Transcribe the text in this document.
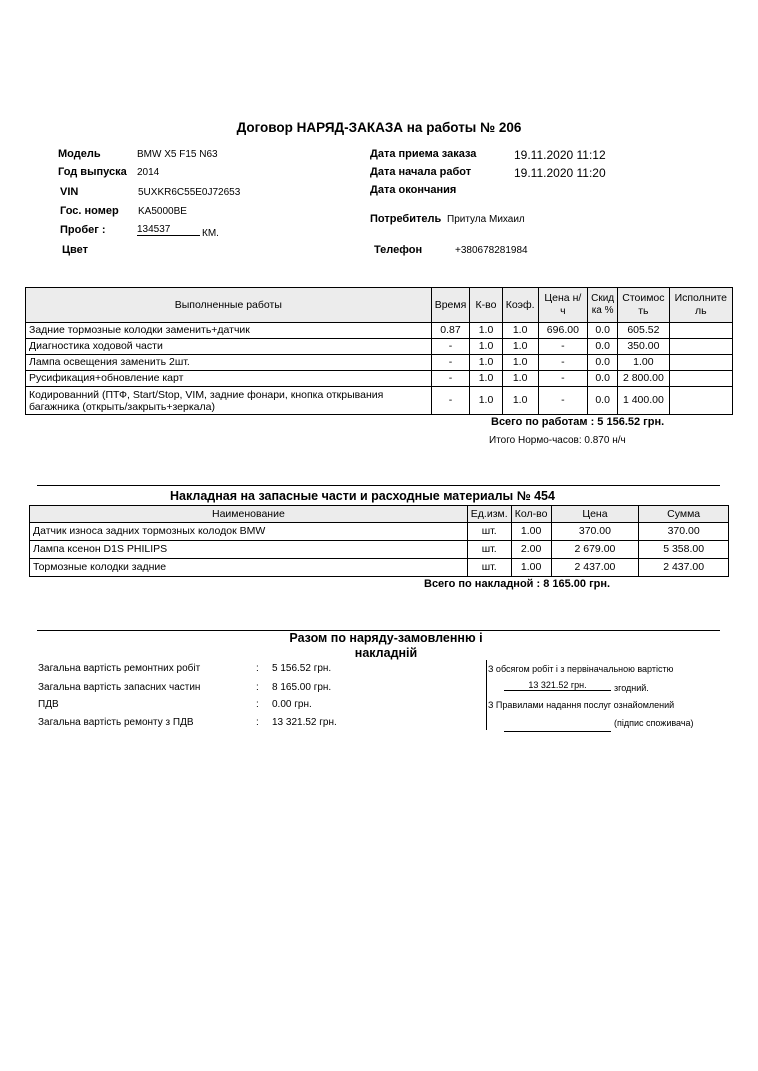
Договор НАРЯД-ЗАКАЗА на работы № 206
Модель	BMW X5 F15 N63
Год выпуска 2014
VIN	5UXKR6C55E0J72653
Гос. номер KA5000BE
Пробег :	134537	КМ.
Цвет
Дата приема заказа	19.11.2020 11:12
Дата начала работ	19.11.2020 11:20
Дата окончания
Потребитель Притула Михаил
Телефон	+380678281984
Выполненные работы	Время	К-во	Коэф.	Цена н/ч	Скид ка %	Стоимос ть	Исполните ль
Задние тормозные колодки заменить+датчик	0.87	1.0	1.0	696.00	0.0	605.52	
Диагностика ходовой части	-	1.0	1.0	-	0.0	350.00	
Лампа освещения заменить 2шт.	-	1.0	1.0	-	0.0	1.00	
Русификация+обновление карт	-	1.0	1.0	-	0.0	2 800.00	
Кодированний (ПТФ, Start/Stop, VIM, задние фонари, кнопка открывания багажника (открыть/закрыть+зеркала)	-	1.0	1.0	-	0.0	1 400.00	
Всего по работам : 5 156.52 грн.
Итого Нормо-часов: 0.870 н/ч
Накладная на запасные части и расходные материалы № 454
Наименование	Ед.изм.	Кол-во	Цена	Сумма
Датчик износа задних тормозных колодок BMW	шт.	1.00	370.00	370.00
Лампа ксенон D1S PHILIPS	шт.	2.00	2 679.00	5 358.00
Тормозные колодки задние	шт.	1.00	2 437.00	2 437.00
Всего по накладной : 8 165.00 грн.
Разом по наряду-замовленню і
накладній
Загальна вартість ремонтних робіт	: 5 156.52 грн.
Загальна вартість запасних частин	: 8 165.00 грн.
ПДВ	: 0.00 грн.
Загальна вартість ремонту з ПДВ	: 13 321.52 грн.
З обсягом робіт і з первіначальною вартістю
13 321.52 грн.	згодний.
З Правилами надання послуг ознайомлений
(підпис споживача)
